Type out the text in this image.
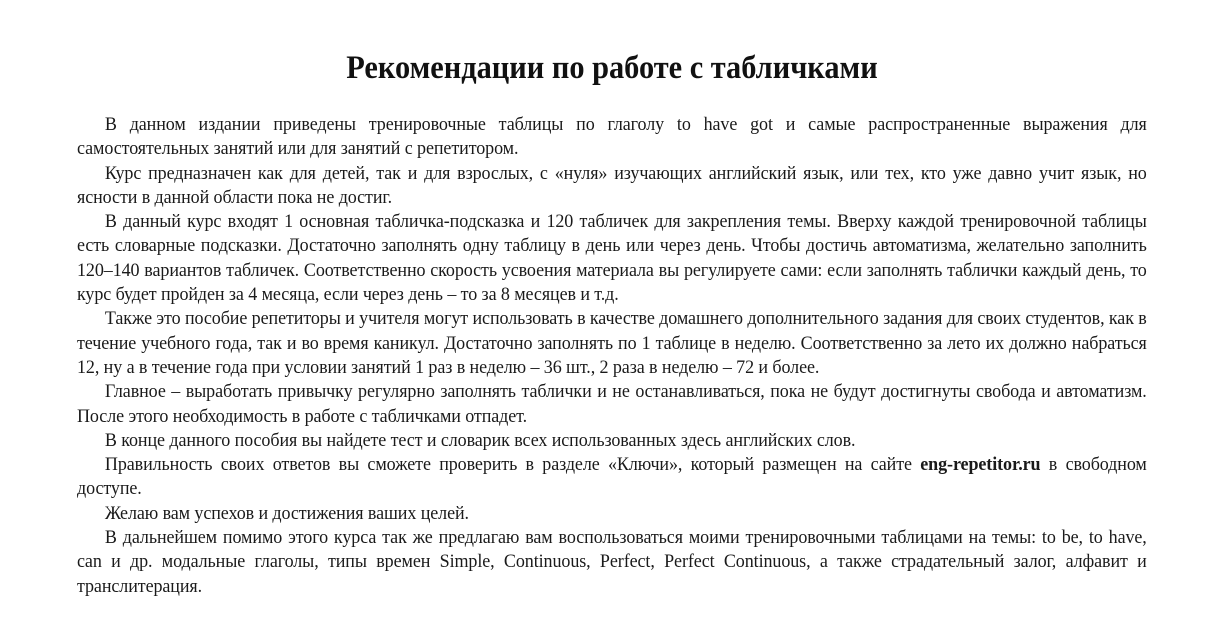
Рекомендации по работе с табличками

В данном издании приведены тренировочные таблицы по глаголу to have got и самые распространенные выражения для самостоятельных занятий или для занятий с репетитором.

Курс предназначен как для детей, так и для взрослых, с «нуля» изучающих английский язык, или тех, кто уже давно учит язык, но ясности в данной области пока не достиг.

В данный курс входят 1 основная табличка-подсказка и 120 табличек для закрепления темы. Вверху каждой тренировочной таблицы есть словарные подсказки. Достаточно заполнять одну таблицу в день или через день. Чтобы достичь автоматизма, желательно заполнить 120–140 вариантов табличек. Соответственно скорость усвоения материала вы регулируете сами: если заполнять таблички каждый день, то курс будет пройден за 4 месяца, если через день – то за 8 месяцев и т.д.

Также это пособие репетиторы и учителя могут использовать в качестве домашнего дополнительного задания для своих студентов, как в течение учебного года, так и во время каникул. Достаточно заполнять по 1 таблице в неделю. Соответственно за лето их должно набраться 12, ну а в течение года при условии занятий 1 раз в неделю – 36 шт., 2 раза в неделю – 72 и более.

Главное – выработать привычку регулярно заполнять таблички и не останавливаться, пока не будут достигнуты свобода и автоматизм. После этого необходимость в работе с табличками отпадет.

В конце данного пособия вы найдете тест и словарик всех использованных здесь английских слов.

Правильность своих ответов вы сможете проверить в разделе «Ключи», который размещен на сайте eng-repetitor.ru в свободном доступе.

Желаю вам успехов и достижения ваших целей.

В дальнейшем помимо этого курса так же предлагаю вам воспользоваться моими тренировочными таблицами на темы: to be, to have, can и др. модальные глаголы, типы времен Simple, Continuous, Perfect, Perfect Continuous, а также страдательный залог, алфавит и транслитерация.
